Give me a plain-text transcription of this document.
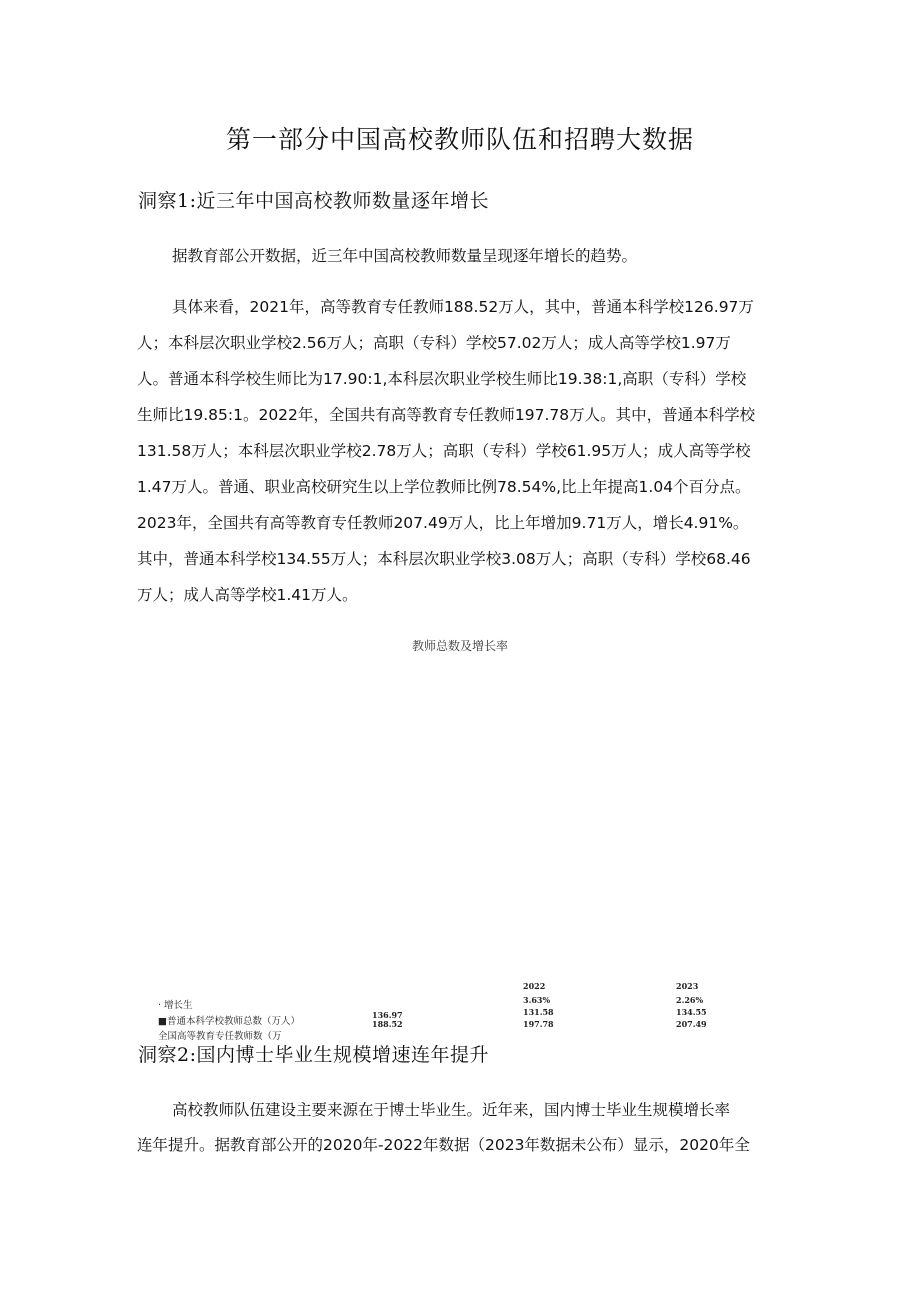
第一部分中国高校教师队伍和招聘大数据
洞察1:近三年中国高校教师数量逐年增长
据教育部公开数据，近三年中国高校教师数量呈现逐年增长的趋势。
具体来看，2021年，高等教育专任教师188.52万人，其中，普通本科学校126.97万
人；本科层次职业学校2.56万人；高职（专科）学校57.02万人；成人高等学校1.97万
人。普通本科学校生师比为17.90:1,本科层次职业学校生师比19.38:1,高职（专科）学校
生师比19.85:1。2022年，全国共有高等教育专任教师197.78万人。其中，普通本科学校
131.58万人；本科层次职业学校2.78万人；高职（专科）学校61.95万人；成人高等学校
1.47万人。普通、职业高校研究生以上学位教师比例78.54%,比上年提高1.04个百分点。
2023年，全国共有高等教育专任教师207.49万人，比上年增加9.71万人，增长4.91%。
其中，普通本科学校134.55万人；本科层次职业学校3.08万人；高职（专科）学校68.46
万人；成人高等学校1.41万人。
教师总数及增长率
2022	2023
· 增长生	3.63%	2.26%
■普通本科学校教师总数（万人）
136.97	131.58	134.55
全国高等教育专任教师数（万
188.52	197.78	207.49
洞察2:国内博士毕业生规模增速连年提升
高校教师队伍建设主要来源在于博士毕业生。近年来，国内博士毕业生规模增长率
连年提升。据教育部公开的2020年-2022年数据（2023年数据未公布）显示，2020年全
